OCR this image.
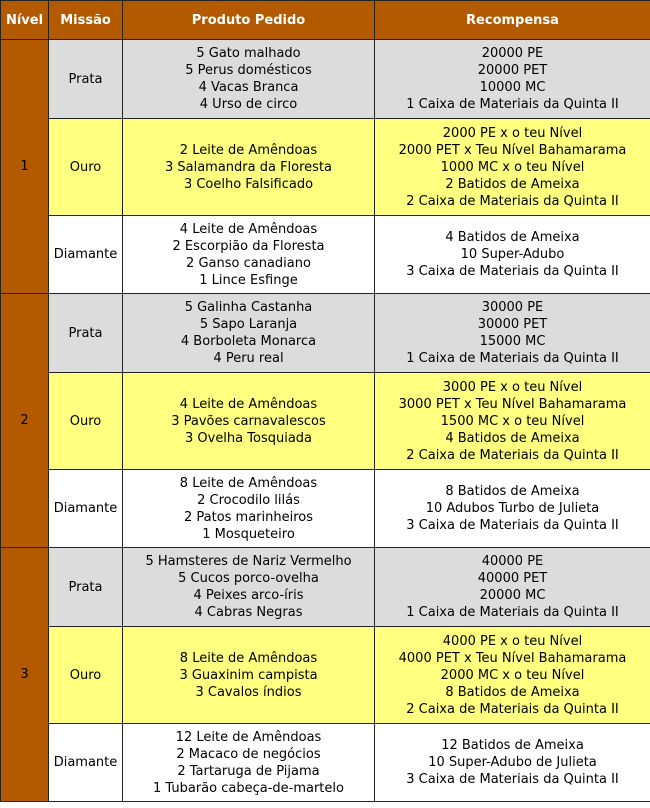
Nível	Missão	Produto Pedido	Recompensa
1	Prata	5 Gato malhado
5 Perus domésticos
4 Vacas Branca
4 Urso de circo	20000 PE
20000 PET
10000 MC
1 Caixa de Materiais da Quinta II

	Ouro	2 Leite de Amêndoas
3 Salamandra da Floresta
3 Coelho Falsificado	2000 PE x o teu Nível
2000 PET x Teu Nível Bahamarama
1000 MC x o teu Nível
2 Batidos de Ameixa
2 Caixa de Materiais da Quinta II

	Diamante	4 Leite de Amêndoas
2 Escorpião da Floresta
2 Ganso canadiano
1 Lince Esfinge	4 Batidos de Ameixa
10 Super-Adubo
3 Caixa de Materiais da Quinta II

2	Prata	5 Galinha Castanha
5 Sapo Laranja
4 Borboleta Monarca
4 Peru real	30000 PE
30000 PET
15000 MC
1 Caixa de Materiais da Quinta II

	Ouro	4 Leite de Amêndoas
3 Pavões carnavalescos
3 Ovelha Tosquiada	3000 PE x o teu Nível
3000 PET x Teu Nível Bahamarama
1500 MC x o teu Nível
4 Batidos de Ameixa
2 Caixa de Materiais da Quinta II

	Diamante	8 Leite de Amêndoas
2 Crocodilo lilás
2 Patos marinheiros
1 Mosqueteiro	8 Batidos de Ameixa
10 Adubos Turbo de Julieta
3 Caixa de Materiais da Quinta II

3	Prata	5 Hamsteres de Nariz Vermelho
5 Cucos porco-ovelha
4 Peixes arco-íris
4 Cabras Negras	40000 PE
40000 PET
20000 MC
1 Caixa de Materiais da Quinta II

	Ouro	8 Leite de Amêndoas
3 Guaxinim campista
3 Cavalos índios	4000 PE x o teu Nível
4000 PET x Teu Nível Bahamarama
2000 MC x o teu Nível
8 Batidos de Ameixa
2 Caixa de Materiais da Quinta II

	Diamante	12 Leite de Amêndoas
2 Macaco de negócios
2 Tartaruga de Pijama
1 Tubarão cabeça-de-martelo	12 Batidos de Ameixa
10 Super-Adubo de Julieta
3 Caixa de Materiais da Quinta II
